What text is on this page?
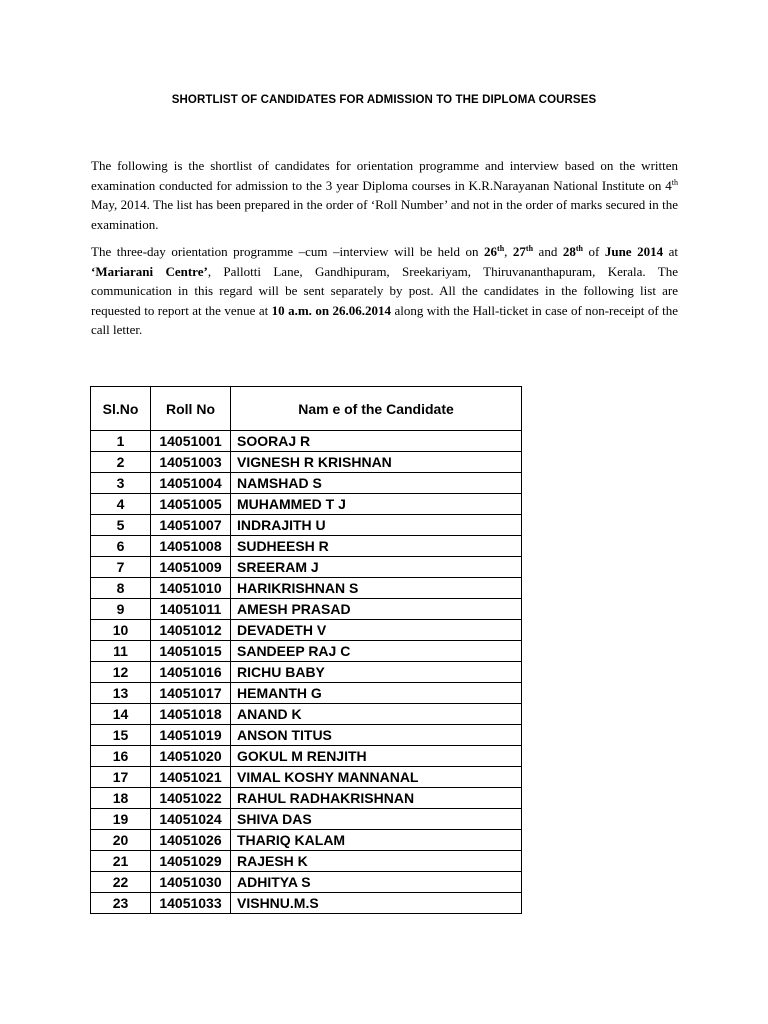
SHORTLIST OF CANDIDATES FOR ADMISSION TO THE DIPLOMA COURSES

The following is the shortlist of candidates for orientation programme and interview based on the written examination conducted for admission to the 3 year Diploma courses in K.R.Narayanan National Institute on 4th May, 2014. The list has been prepared in the order of ‘Roll Number’ and not in the order of marks secured in the examination.

The three-day orientation programme –cum –interview will be held on 26th, 27th and 28th of June 2014 at ‘Mariarani Centre’, Pallotti Lane, Gandhipuram, Sreekariyam, Thiruvananthapuram, Kerala. The communication in this regard will be sent separately by post. All the candidates in the following list are requested to report at the venue at 10 a.m. on 26.06.2014 along with the Hall-ticket in case of non-receipt of the call letter.

Sl.No	Roll No	Nam e of the Candidate
1	14051001	SOORAJ R
2	14051003	VIGNESH R KRISHNAN
3	14051004	NAMSHAD S
4	14051005	MUHAMMED T J
5	14051007	INDRAJITH U
6	14051008	SUDHEESH R
7	14051009	SREERAM J
8	14051010	HARIKRISHNAN S
9	14051011	AMESH PRASAD
10	14051012	DEVADETH V
11	14051015	SANDEEP RAJ C
12	14051016	RICHU BABY
13	14051017	HEMANTH G
14	14051018	ANAND K
15	14051019	ANSON TITUS
16	14051020	GOKUL M RENJITH
17	14051021	VIMAL KOSHY MANNANAL
18	14051022	RAHUL RADHAKRISHNAN
19	14051024	SHIVA DAS
20	14051026	THARIQ KALAM
21	14051029	RAJESH K
22	14051030	ADHITYA S
23	14051033	VISHNU.M.S
